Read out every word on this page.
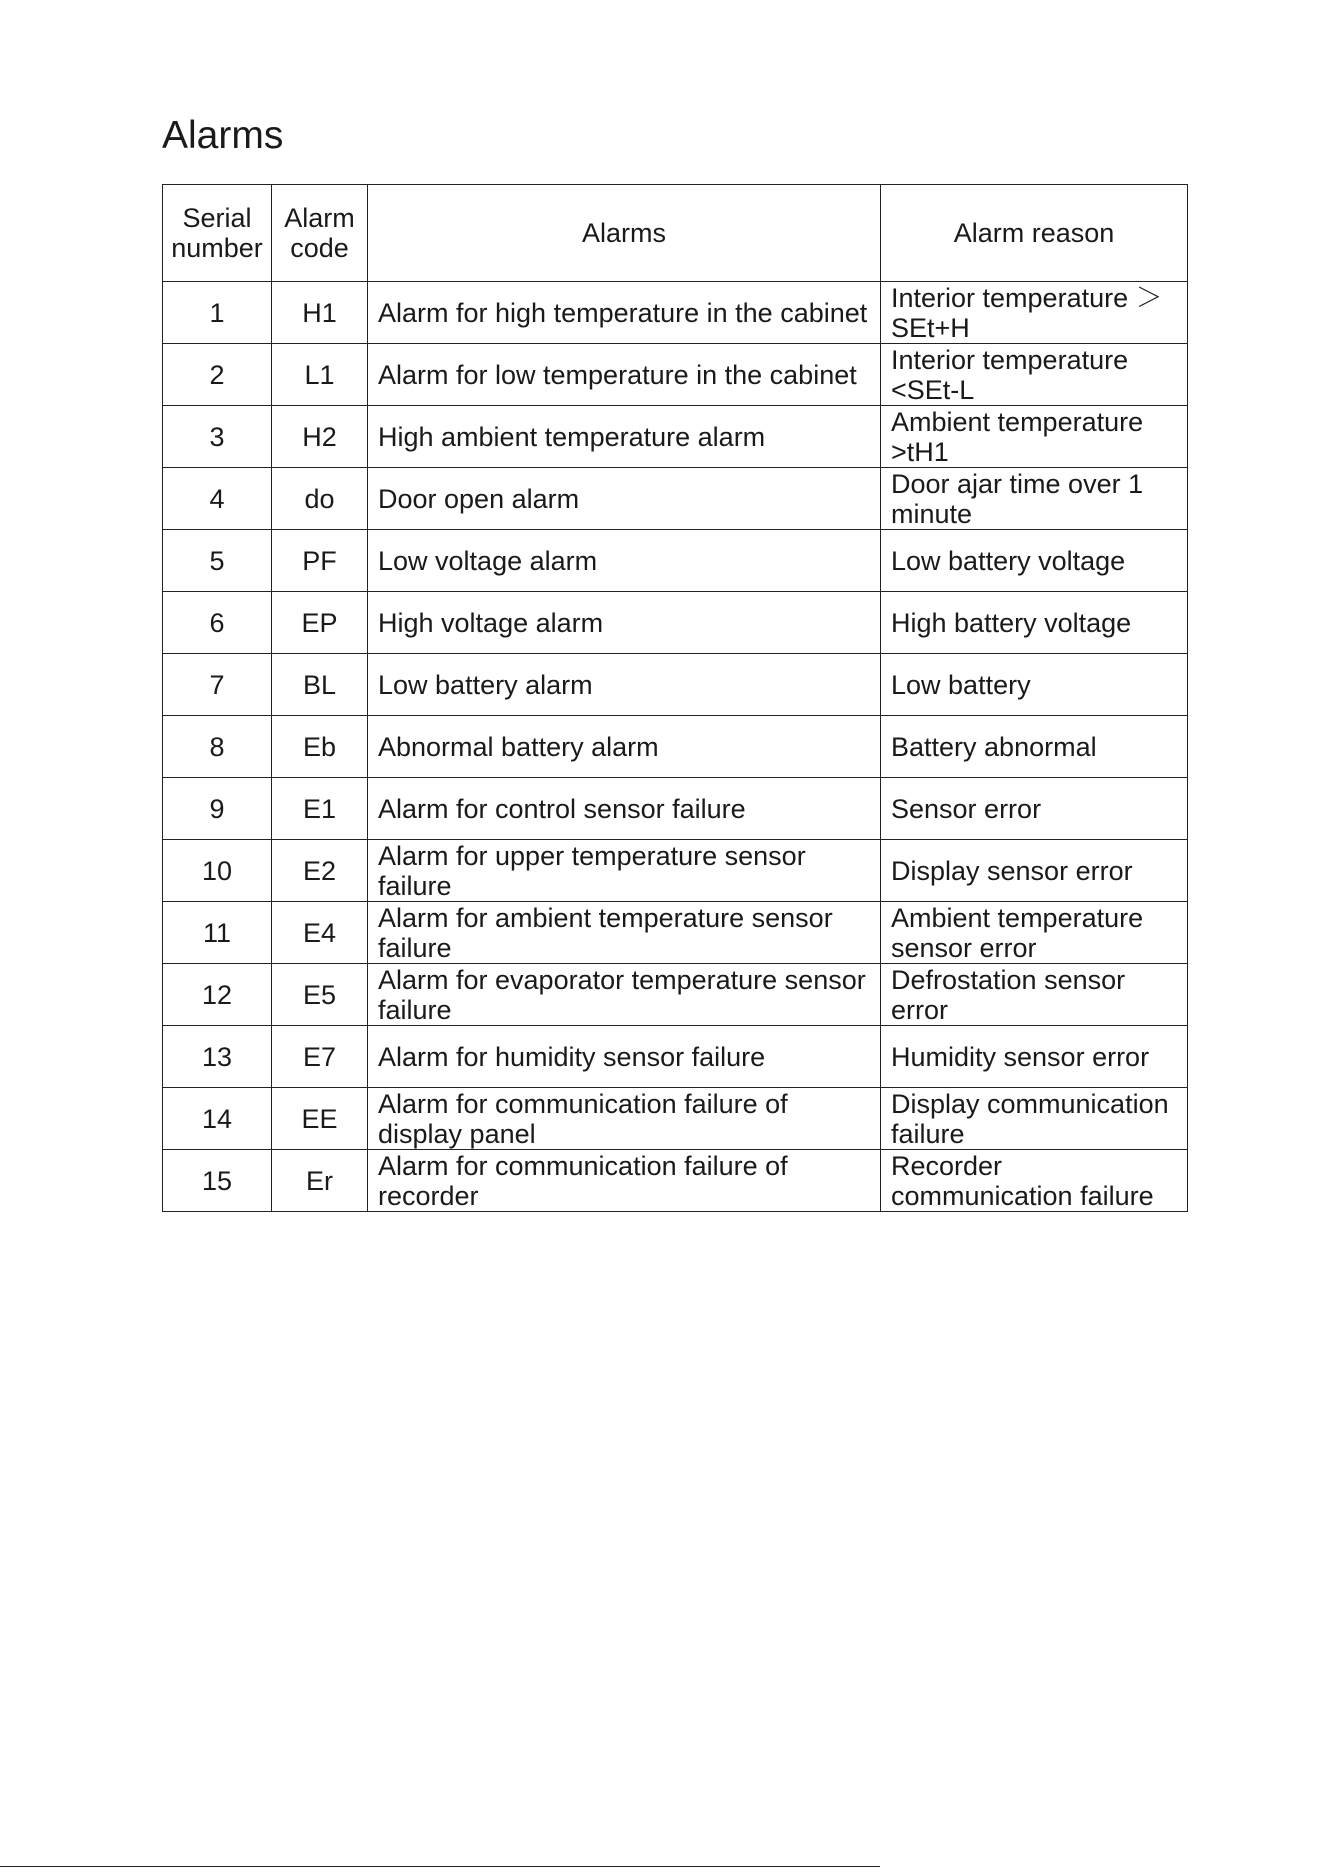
Alarms
Serial number	Alarm code	Alarms	Alarm reason
1	H1	Alarm for high temperature in the cabinet	Interior temperature ＞SEt+H
2	L1	Alarm for low temperature in the cabinet	Interior temperature <SEt-L
3	H2	High ambient temperature alarm	Ambient temperature >tH1
4	do	Door open alarm	Door ajar time over 1 minute
5	PF	Low voltage alarm	Low battery voltage
6	EP	High voltage alarm	High battery voltage
7	BL	Low battery alarm	Low battery
8	Eb	Abnormal battery alarm	Battery abnormal
9	E1	Alarm for control sensor failure	Sensor error
10	E2	Alarm for upper temperature sensor failure	Display sensor error
11	E4	Alarm for ambient temperature sensor failure	Ambient temperature sensor error
12	E5	Alarm for evaporator temperature sensor failure	Defrostation sensor error
13	E7	Alarm for humidity sensor failure	Humidity sensor error
14	EE	Alarm for communication failure of display panel	Display communication failure
15	Er	Alarm for communication failure of recorder	Recorder communication failure
